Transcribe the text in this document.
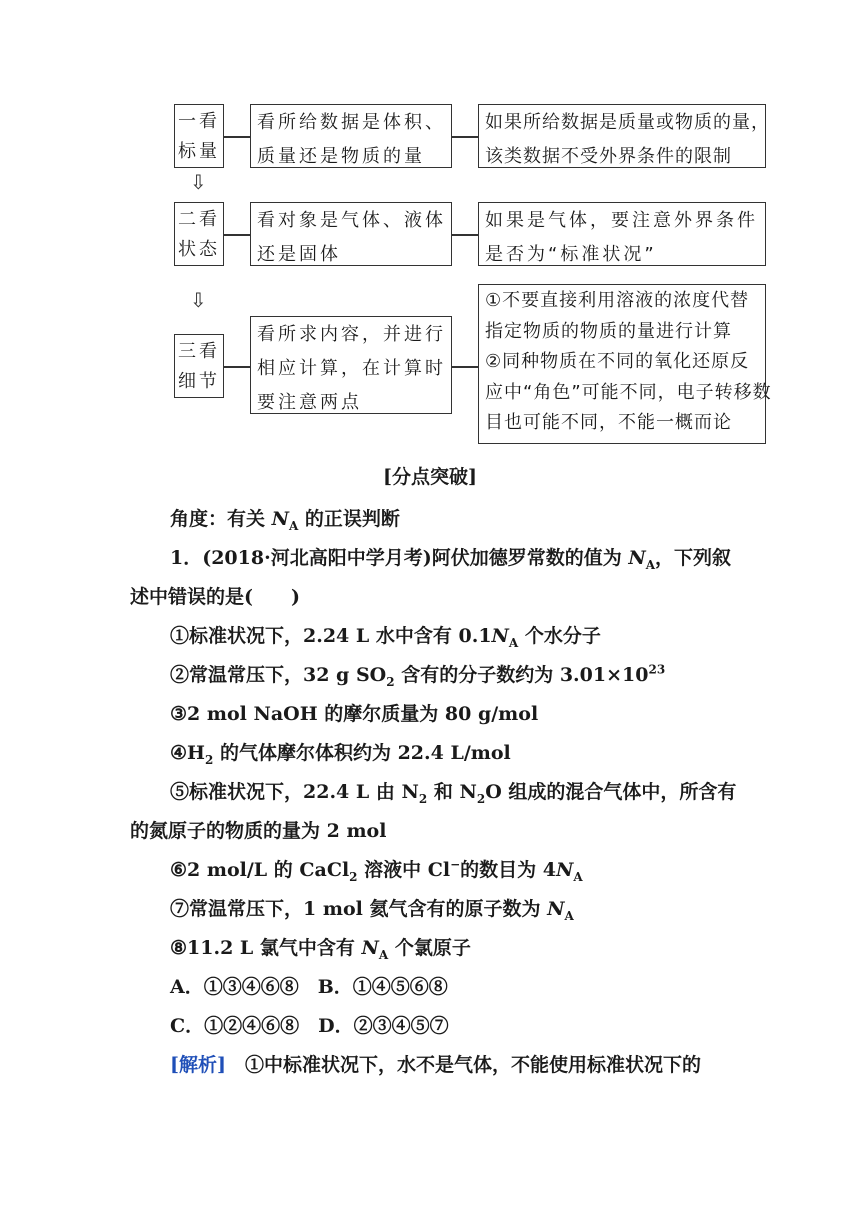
一看
标量
看所给数据是体积、
质量还是物质的量
如果所给数据是质量或物质的量，
该类数据不受外界条件的限制
⇩
二看
状态
看对象是气体、液体
还是固体
如果是气体，要注意外界条件
是否为“标准状况”
⇩
三看
细节
看所求内容，并进行
相应计算，在计算时
要注意两点
①不要直接利用溶液的浓度代替
指定物质的物质的量进行计算
②同种物质在不同的氧化还原反
应中“角色”可能不同，电子转移数
目也可能不同，不能一概而论
[分点突破]
角度：有关 $N_A$ 的正误判断
1．(2018·河北高阳中学月考)阿伏加德罗常数的值为 $N_A$，下列叙
述中错误的是(　　)
①标准状况下，2.24 L 水中含有 $0.1N_A$ 个水分子
②常温常压下，32 g $SO_2$ 含有的分子数约为 $3.01\times 10^{23}$
③2 mol NaOH 的摩尔质量为 80 g/mol
$④H_2$ 的气体摩尔体积约为 22.4 L/mol
⑤标准状况下，22.4 L 由 $N_2$ 和 $N_2O$ 组成的混合气体中，所含有
的氮原子的物质的量为 2 mol
⑥2 mol/L 的 CaCl$_2$ 溶液中 Cl−的数目为 $4N_A$
⑦常温常压下，1 mol 氦气含有的原子数为 $N_A$
⑧11.2 L 氯气中含有 $N_A$ 个氯原子
A．①③④⑥⑧　B．①④⑤⑥⑧
C．①②④⑥⑧　D．②③④⑤⑦
[解析]　①中标准状况下，水不是气体，不能使用标准状况下的
